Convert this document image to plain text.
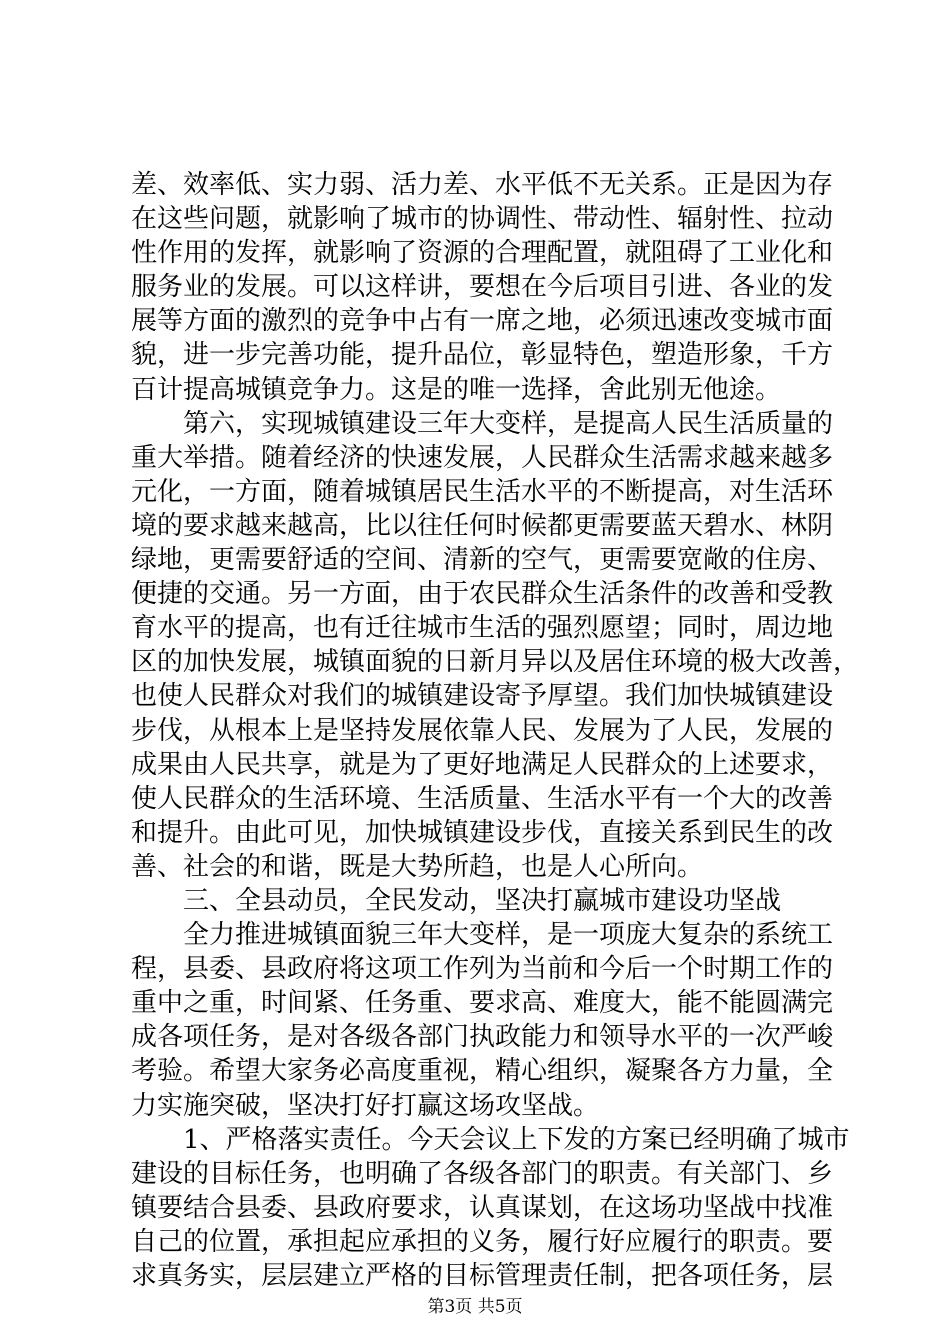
差、效率低、实力弱、活力差、水平低不无关系。正是因为存
在这些问题，就影响了城市的协调性、带动性、辐射性、拉动
性作用的发挥，就影响了资源的合理配置，就阻碍了工业化和
服务业的发展。可以这样讲，要想在今后项目引进、各业的发
展等方面的激烈的竞争中占有一席之地，必须迅速改变城市面
貌，进一步完善功能，提升品位，彰显特色，塑造形象，千方
百计提高城镇竞争力。这是的唯一选择，舍此别无他途。
第六，实现城镇建设三年大变样，是提高人民生活质量的
重大举措。随着经济的快速发展，人民群众生活需求越来越多
元化，一方面，随着城镇居民生活水平的不断提高，对生活环
境的要求越来越高，比以往任何时候都更需要蓝天碧水、林阴
绿地，更需要舒适的空间、清新的空气，更需要宽敞的住房、
便捷的交通。另一方面，由于农民群众生活条件的改善和受教
育水平的提高，也有迁往城市生活的强烈愿望；同时，周边地
区的加快发展，城镇面貌的日新月异以及居住环境的极大改善，
也使人民群众对我们的城镇建设寄予厚望。我们加快城镇建设
步伐，从根本上是坚持发展依靠人民、发展为了人民，发展的
成果由人民共享，就是为了更好地满足人民群众的上述要求，
使人民群众的生活环境、生活质量、生活水平有一个大的改善
和提升。由此可见，加快城镇建设步伐，直接关系到民生的改
善、社会的和谐，既是大势所趋，也是人心所向。
三、全县动员，全民发动，坚决打赢城市建设功坚战
全力推进城镇面貌三年大变样，是一项庞大复杂的系统工
程，县委、县政府将这项工作列为当前和今后一个时期工作的
重中之重，时间紧、任务重、要求高、难度大，能不能圆满完
成各项任务，是对各级各部门执政能力和领导水平的一次严峻
考验。希望大家务必高度重视，精心组织，凝聚各方力量，全
力实施突破，坚决打好打赢这场攻坚战。
1、严格落实责任。今天会议上下发的方案已经明确了城市
建设的目标任务，也明确了各级各部门的职责。有关部门、乡
镇要结合县委、县政府要求，认真谋划，在这场功坚战中找准
自己的位置，承担起应承担的义务，履行好应履行的职责。要
求真务实，层层建立严格的目标管理责任制，把各项任务，层
第3页 共5页
